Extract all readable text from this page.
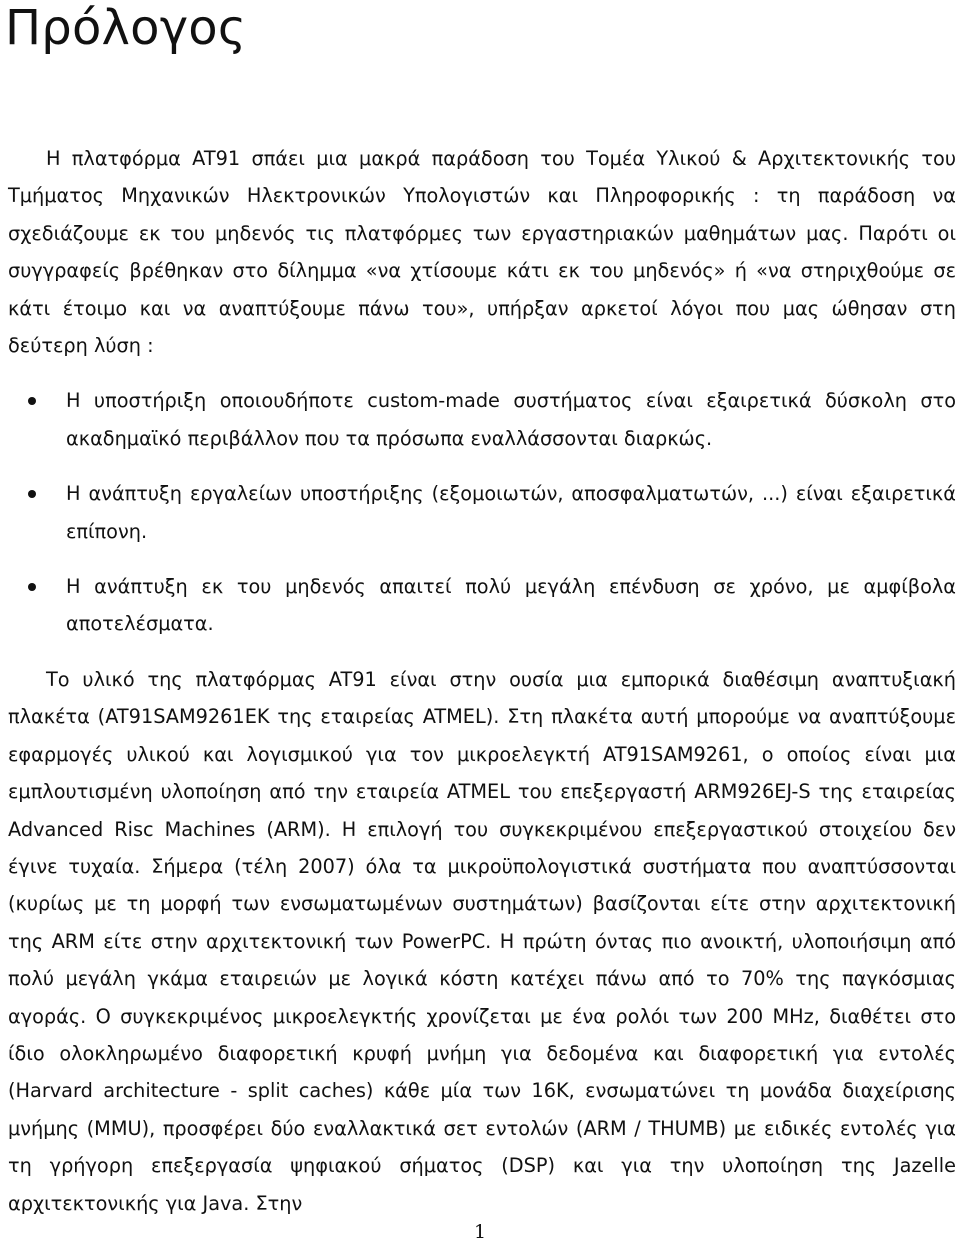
Πρόλογος

Η πλατφόρμα AT91 σπάει μια μακρά παράδοση του Τομέα Υλικού & Αρχιτεκτονικής του Τμήματος Μηχανικών Ηλεκτρονικών Υπολογιστών και Πληροφορικής : τη παράδοση να σχεδιάζουμε εκ του μηδενός τις πλατφόρμες των εργαστηριακών μαθημάτων μας. Παρότι οι συγγραφείς βρέθηκαν στο δίλημμα «να χτίσουμε κάτι εκ του μηδενός» ή «να στηριχθούμε σε κάτι έτοιμο και να αναπτύξουμε πάνω του», υπήρξαν αρκετοί λόγοι που μας ώθησαν στη δεύτερη λύση :

Η υποστήριξη οποιουδήποτε custom-made συστήματος είναι εξαιρετικά δύσκολη στο ακαδημαϊκό περιβάλλον που τα πρόσωπα εναλλάσσονται διαρκώς.
Η ανάπτυξη εργαλείων υποστήριξης (εξομοιωτών, αποσφαλματωτών, ...) είναι εξαιρετικά επίπονη.
Η ανάπτυξη εκ του μηδενός απαιτεί πολύ μεγάλη επένδυση σε χρόνο, με αμφίβολα αποτελέσματα.

Το υλικό της πλατφόρμας AT91 είναι στην ουσία μια εμπορικά διαθέσιμη αναπτυξιακή πλακέτα (AT91SAM9261EK της εταιρείας ATMEL). Στη πλακέτα αυτή μπορούμε να αναπτύξουμε εφαρμογές υλικού και λογισμικού για τον μικροελεγκτή AT91SAM9261, ο οποίος είναι μια εμπλουτισμένη υλοποίηση από την εταιρεία ATMEL του επεξεργαστή ARM926EJ-S της εταιρείας Advanced Risc Machines (ARM). Η επιλογή του συγκεκριμένου επεξεργαστικού στοιχείου δεν έγινε τυχαία. Σήμερα (τέλη 2007) όλα τα μικροϋπολογιστικά συστήματα που αναπτύσσονται (κυρίως με τη μορφή των ενσωματωμένων συστημάτων) βασίζονται είτε στην αρχιτεκτονική της ARM είτε στην αρχιτεκτονική των PowerPC. Η πρώτη όντας πιο ανοικτή, υλοποιήσιμη από πολύ μεγάλη γκάμα εταιρειών με λογικά κόστη κατέχει πάνω από το 70% της παγκόσμιας αγοράς. Ο συγκεκριμένος μικροελεγκτής χρονίζεται με ένα ρολόι των 200 MHz, διαθέτει στο ίδιο ολοκληρωμένο διαφορετική κρυφή μνήμη για δεδομένα και διαφορετική για εντολές (Harvard architecture - split caches) κάθε μία των 16K, ενσωματώνει τη μονάδα διαχείρισης μνήμης (MMU), προσφέρει δύο εναλλακτικά σετ εντολών (ARM / THUMB) με ειδικές εντολές για τη γρήγορη επεξεργασία ψηφιακού σήματος (DSP) και για την υλοποίηση της Jazelle αρχιτεκτονικής για Java. Στην

1
